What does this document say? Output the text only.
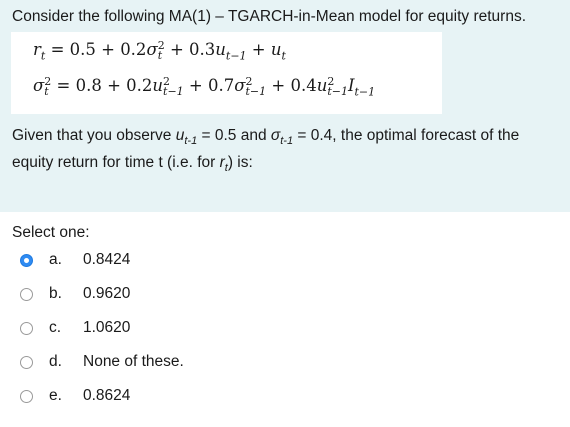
Consider the following MA(1) – TGARCH-in-Mean model for equity returns.
$r_t = 0.5 + 0.2\sigma$ 2
$t + 0.3u_{t-1} + u_t$
σ 2
t = 0.8 + 0.2u 2
t−1 + 0.7σ 2
t−1 + 0.4u 2
t−1 $I_{t-1}$
Given that you observe $u_{t-1} = 0.5$ and $\sigma_{t-1} = 0.4$, the optimal forecast of the equity return for time t (i.e. for $r_t$) is:
Select one:
a.	0.8424
b.	0.9620
c.	1.0620
d.	None of these.
e.	0.8624
